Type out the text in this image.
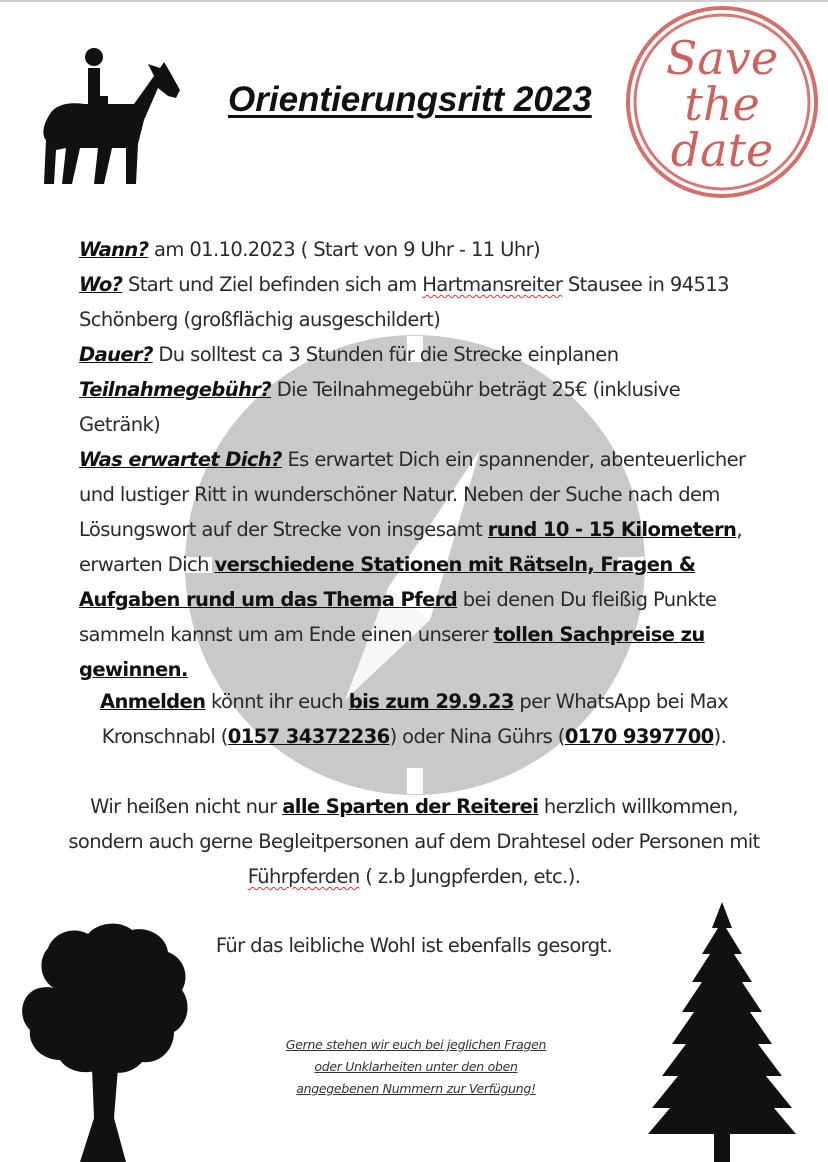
Orientierungsritt 2023
Save
the
date

Wann? am 01.10.2023 ( Start von 9 Uhr - 11 Uhr)

Wo? Start und Ziel befinden sich am Hartmansreiter Stausee in 94513 Schönberg (großflächig ausgeschildert)

Dauer? Du solltest ca 3 Stunden für die Strecke einplanen

Teilnahmegebühr? Die Teilnahmegebühr beträgt 25€ (inklusive Getränk)

Was erwartet Dich? Es erwartet Dich ein spannender, abenteuerlicher und lustiger Ritt in wunderschöner Natur. Neben der Suche nach dem Lösungswort auf der Strecke von insgesamt rund 10 - 15 Kilometern, erwarten Dich verschiedene Stationen mit Rätseln, Fragen & Aufgaben rund um das Thema Pferd bei denen Du fleißig Punkte sammeln kannst um am Ende einen unserer tollen Sachpreise zu gewinnen.

Anmelden könnt ihr euch bis zum 29.9.23 per WhatsApp bei Max Kronschnabl (0157 34372236) oder Nina Gührs (0170 9397700).
Wir heißen nicht nur alle Sparten der Reiterei herzlich willkommen, sondern auch gerne Begleitpersonen auf dem Drahtesel oder Personen mit Führpferden ( z.b Jungpferden, etc.).
Für das leibliche Wohl ist ebenfalls gesorgt.
Gerne stehen wir euch bei jeglichen Fragen oder Unklarheiten unter den oben angegebenen Nummern zur Verfügung!
